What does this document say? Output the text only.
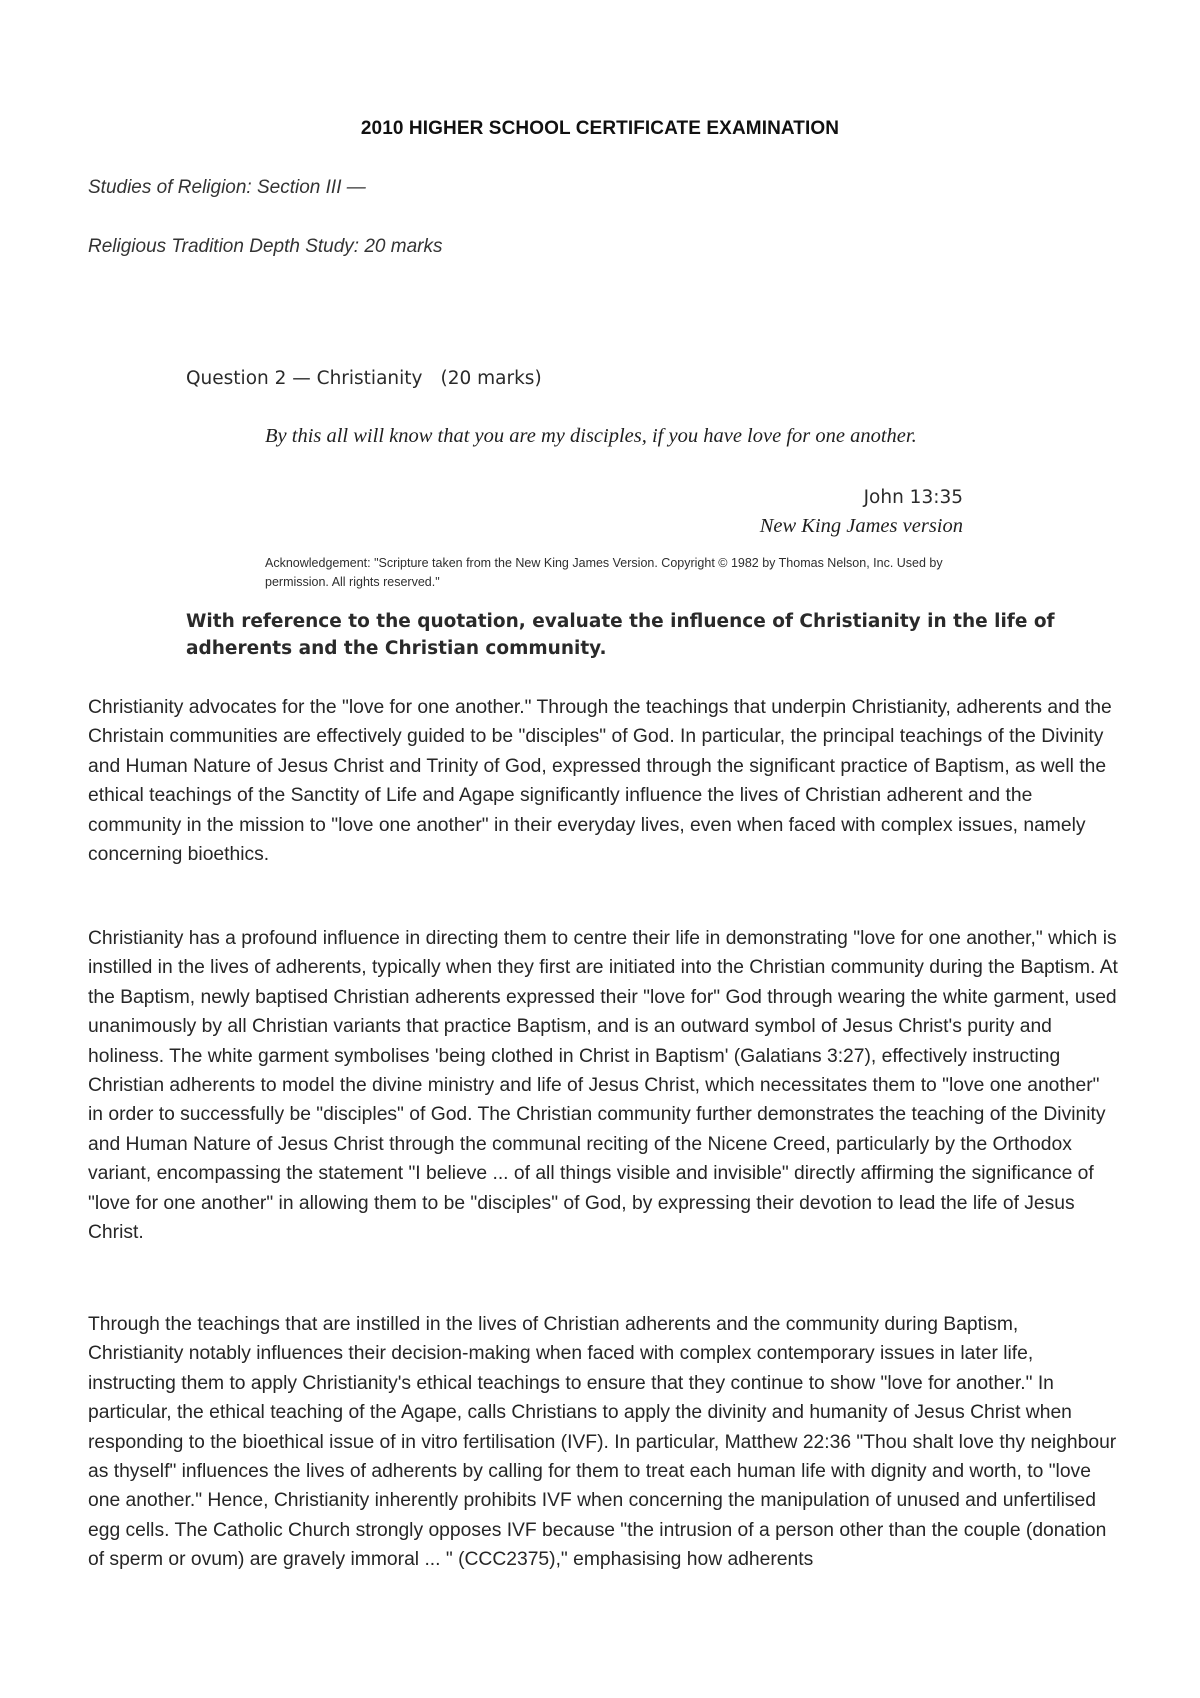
2010 HIGHER SCHOOL CERTIFICATE EXAMINATION
Studies of Religion: Section III —
Religious Tradition Depth Study: 20 marks
Question 2 — Christianity (20 marks)
By this all will know that you are my disciples, if you have love for one another.
John 13:35
New King James version
Acknowledgement: "Scripture taken from the New King James Version. Copyright © 1982 by Thomas Nelson, Inc. Used by permission. All rights reserved."
With reference to the quotation, evaluate the influence of Christianity in the life of adherents and the Christian community.
Christianity advocates for the "love for one another." Through the teachings that underpin Christianity, adherents and the Christain communities are effectively guided to be "disciples" of God. In particular, the principal teachings of the Divinity and Human Nature of Jesus Christ and Trinity of God, expressed through the significant practice of Baptism, as well the ethical teachings of the Sanctity of Life and Agape significantly influence the lives of Christian adherent and the community in the mission to "love one another" in their everyday lives, even when faced with complex issues, namely concerning bioethics.
Christianity has a profound influence in directing them to centre their life in demonstrating "love for one another," which is instilled in the lives of adherents, typically when they first are initiated into the Christian community during the Baptism. At the Baptism, newly baptised Christian adherents expressed their "love for" God through wearing the white garment, used unanimously by all Christian variants that practice Baptism, and is an outward symbol of Jesus Christ's purity and holiness. The white garment symbolises 'being clothed in Christ in Baptism' (Galatians 3:27), effectively instructing Christian adherents to model the divine ministry and life of Jesus Christ, which necessitates them to "love one another" in order to successfully be "disciples" of God. The Christian community further demonstrates the teaching of the Divinity and Human Nature of Jesus Christ through the communal reciting of the Nicene Creed, particularly by the Orthodox variant, encompassing the statement "I believe ... of all things visible and invisible" directly affirming the significance of "love for one another" in allowing them to be "disciples" of God, by expressing their devotion to lead the life of Jesus Christ.
Through the teachings that are instilled in the lives of Christian adherents and the community during Baptism, Christianity notably influences their decision-making when faced with complex contemporary issues in later life, instructing them to apply Christianity's ethical teachings to ensure that they continue to show "love for another." In particular, the ethical teaching of the Agape, calls Christians to apply the divinity and humanity of Jesus Christ when responding to the bioethical issue of in vitro fertilisation (IVF). In particular, Matthew 22:36 "Thou shalt love thy neighbour as thyself" influences the lives of adherents by calling for them to treat each human life with dignity and worth, to "love one another." Hence, Christianity inherently prohibits IVF when concerning the manipulation of unused and unfertilised egg cells. The Catholic Church strongly opposes IVF because "the intrusion of a person other than the couple (donation of sperm or ovum) are gravely immoral ... " (CCC2375)," emphasising how adherents
